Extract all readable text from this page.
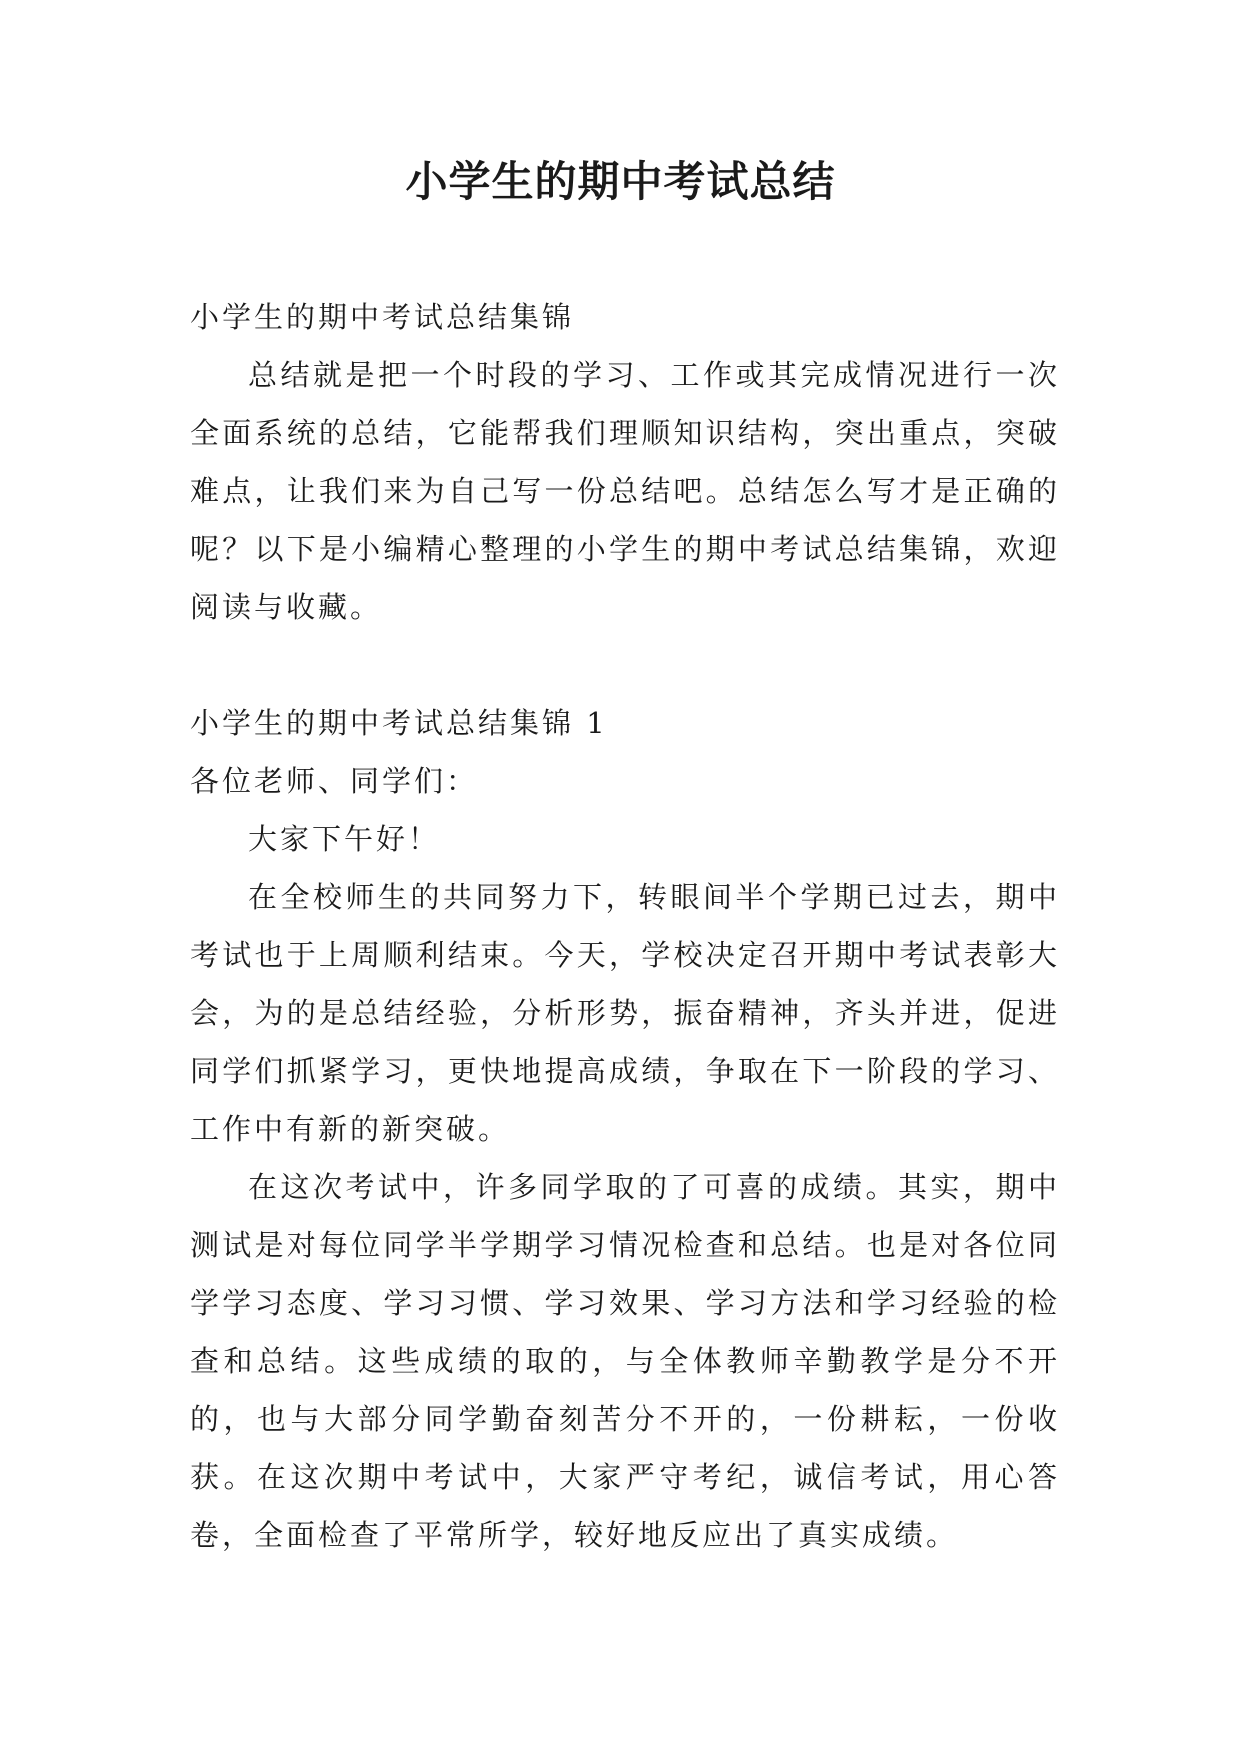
小学生的期中考试总结

小学生的期中考试总结集锦

总结就是把一个时段的学习、工作或其完成情况进行一次全面系统的总结，它能帮我们理顺知识结构，突出重点，突破难点，让我们来为自己写一份总结吧。总结怎么写才是正确的呢？以下是小编精心整理的小学生的期中考试总结集锦，欢迎阅读与收藏。

小学生的期中考试总结集锦 1

各位老师、同学们：

大家下午好！

在全校师生的共同努力下，转眼间半个学期已过去，期中考试也于上周顺利结束。今天，学校决定召开期中考试表彰大会，为的是总结经验，分析形势，振奋精神，齐头并进，促进同学们抓紧学习，更快地提高成绩，争取在下一阶段的学习、工作中有新的新突破。

在这次考试中，许多同学取的了可喜的成绩。其实，期中测试是对每位同学半学期学习情况检查和总结。也是对各位同学学习态度、学习习惯、学习效果、学习方法和学习经验的检查和总结。这些成绩的取的，与全体教师辛勤教学是分不开的，也与大部分同学勤奋刻苦分不开的，一份耕耘，一份收获。在这次期中考试中，大家严守考纪，诚信考试，用心答卷，全面检查了平常所学，较好地反应出了真实成绩。
